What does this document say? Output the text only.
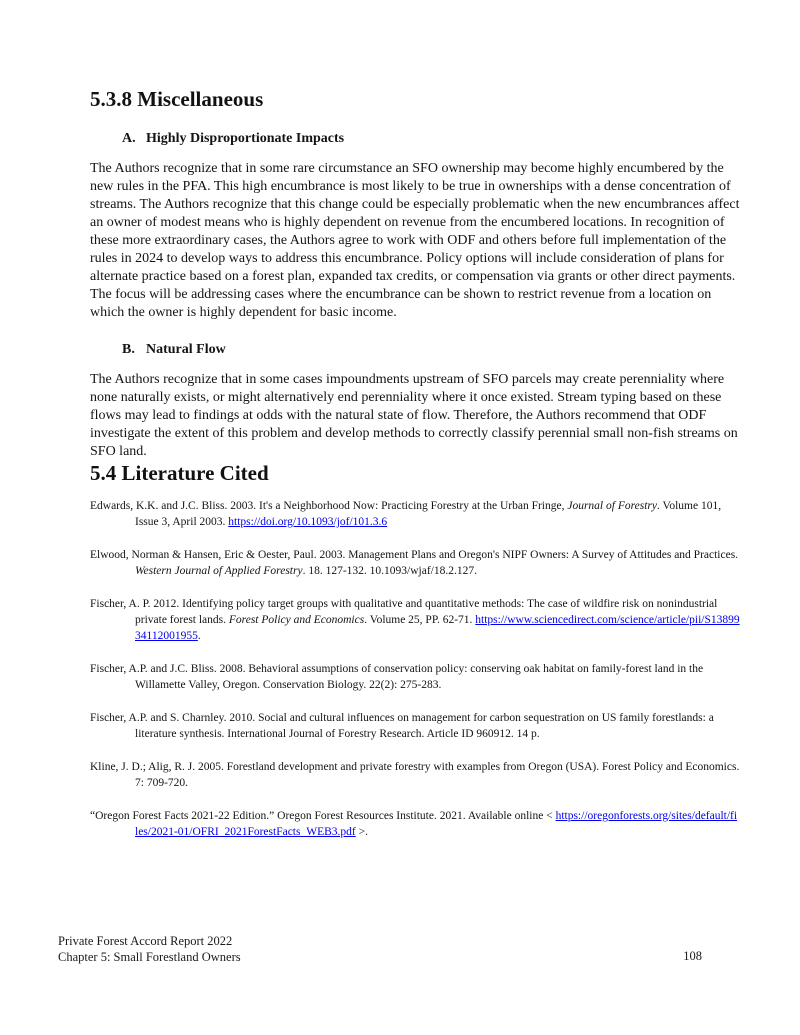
5.3.8 Miscellaneous
A. Highly Disproportionate Impacts

The Authors recognize that in some rare circumstance an SFO ownership may become highly encumbered by the new rules in the PFA. This high encumbrance is most likely to be true in ownerships with a dense concentration of streams. The Authors recognize that this change could be especially problematic when the new encumbrances affect an owner of modest means who is highly dependent on revenue from the encumbered locations. In recognition of these more extraordinary cases, the Authors agree to work with ODF and others before full implementation of the rules in 2024 to develop ways to address this encumbrance. Policy options will include consideration of plans for alternate practice based on a forest plan, expanded tax credits, or compensation via grants or other direct payments. The focus will be addressing cases where the encumbrance can be shown to restrict revenue from a location on which the owner is highly dependent for basic income.

B. Natural Flow

The Authors recognize that in some cases impoundments upstream of SFO parcels may create perenniality where none naturally exists, or might alternatively end perenniality where it once existed. Stream typing based on these flows may lead to findings at odds with the natural state of flow. Therefore, the Authors recommend that ODF investigate the extent of this problem and develop methods to correctly classify perennial small non-fish streams on SFO land.

5.4 Literature Cited

Edwards, K.K. and J.C. Bliss. 2003. It's a Neighborhood Now: Practicing Forestry at the Urban Fringe, Journal of Forestry. Volume 101, Issue 3, April 2003. https://doi.org/10.1093/jof/101.3.6

Elwood, Norman & Hansen, Eric & Oester, Paul. 2003. Management Plans and Oregon's NIPF Owners: A Survey of Attitudes and Practices. Western Journal of Applied Forestry. 18. 127-132. 10.1093/wjaf/18.2.127.

Fischer, A. P. 2012. Identifying policy target groups with qualitative and quantitative methods: The case of wildfire risk on nonindustrial private forest lands. Forest Policy and Economics. Volume 25, PP. 62-71. https://www.sciencedirect.com/science/article/pii/S1389934112001955.

Fischer, A.P. and J.C. Bliss. 2008. Behavioral assumptions of conservation policy: conserving oak habitat on family-forest land in the Willamette Valley, Oregon. Conservation Biology. 22(2): 275-283.

Fischer, A.P. and S. Charnley. 2010. Social and cultural influences on management for carbon sequestration on US family forestlands: a literature synthesis. International Journal of Forestry Research. Article ID 960912. 14 p.

Kline, J. D.; Alig, R. J. 2005. Forestland development and private forestry with examples from Oregon (USA). Forest Policy and Economics. 7: 709-720.

“Oregon Forest Facts 2021-22 Edition.” Oregon Forest Resources Institute. 2021. Available online < https://oregonforests.org/sites/default/files/2021-01/OFRI_2021ForestFacts_WEB3.pdf >.

Private Forest Accord Report 2022
Chapter 5: Small Forestland Owners	108
